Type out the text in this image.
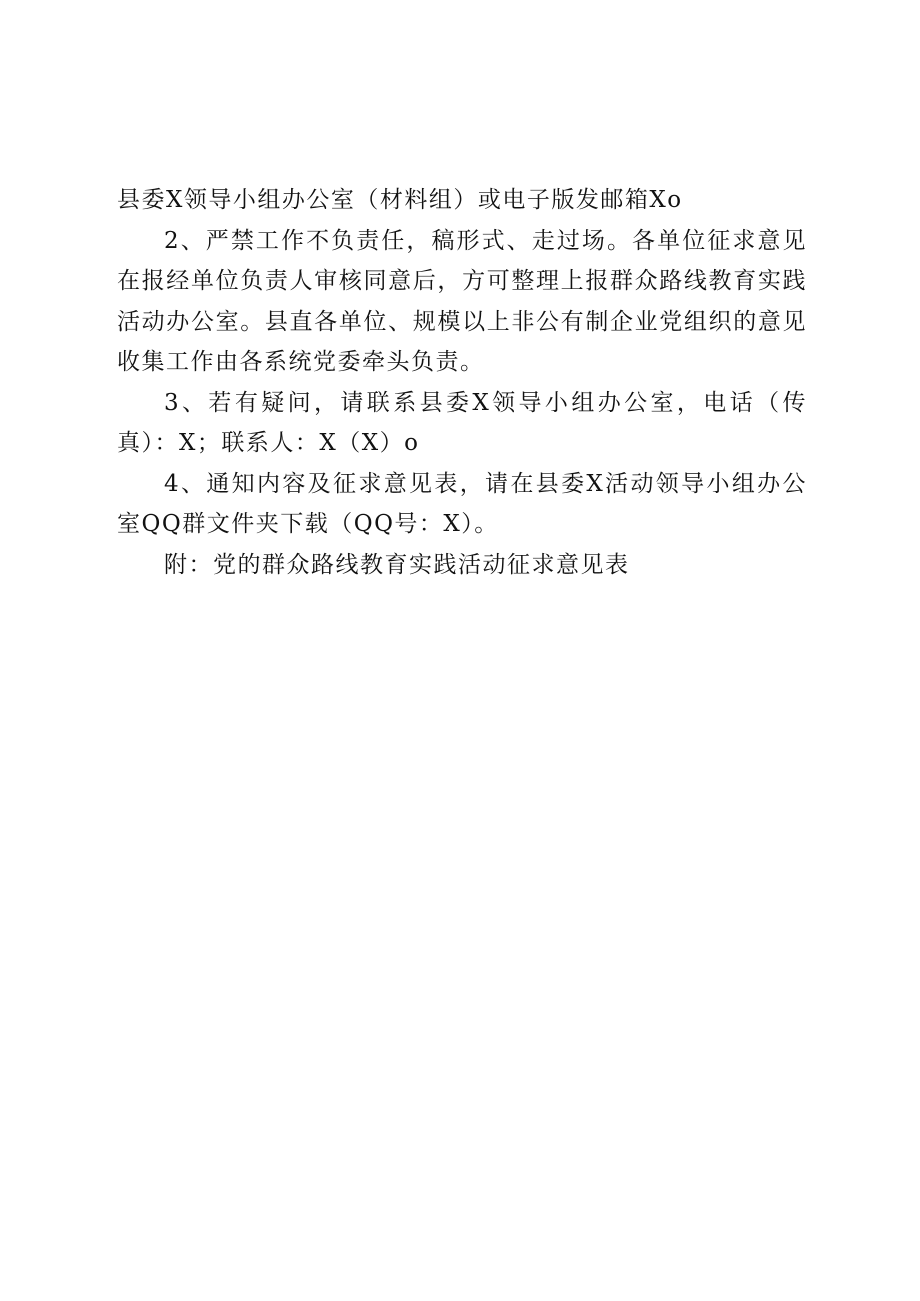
县委X领导小组办公室（材料组）或电子版发邮箱Xo

2、严禁工作不负责任，稿形式、走过场。各单位征求意见在报经单位负责人审核同意后，方可整理上报群众路线教育实践活动办公室。县直各单位、规模以上非公有制企业党组织的意见收集工作由各系统党委牵头负责。

3、若有疑问，请联系县委X领导小组办公室，电话（传真）：X；联系人：X（X）o

4、通知内容及征求意见表，请在县委X活动领导小组办公室QQ群文件夹下载（QQ号：X）。

附：党的群众路线教育实践活动征求意见表
